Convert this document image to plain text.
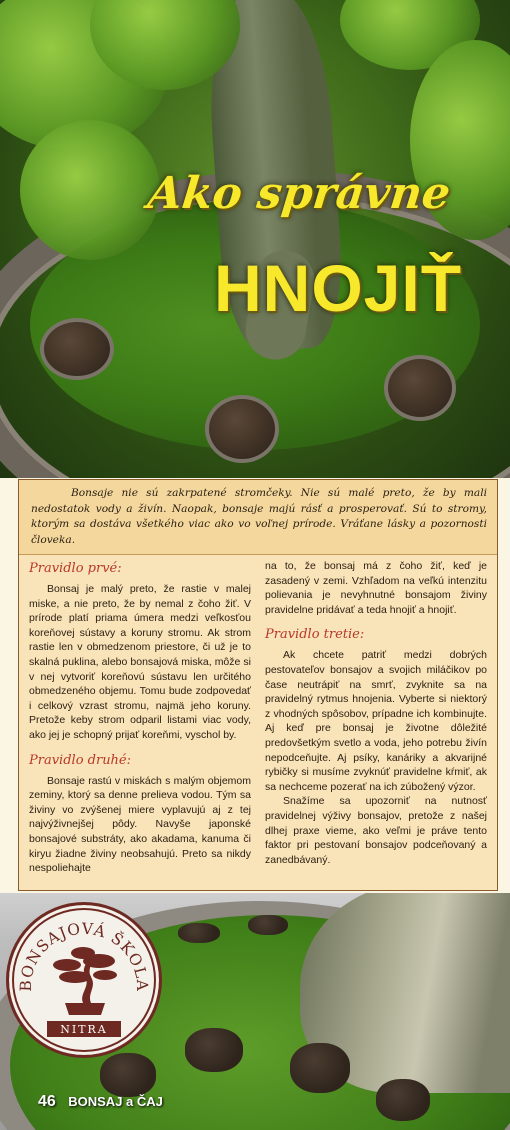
Ako správne
HNOJIŤ

Bonsaje nie sú zakrpatené stromčeky. Nie sú malé preto, že by mali nedostatok vody a živín. Naopak, bonsaje majú rásť a prosperovať. Sú to stromy, ktorým sa dostáva všetkého viac ako vo voľnej prírode. Vráťane lásky a pozornosti človeka.

Pravidlo prvé:

Bonsaj je malý preto, že rastie v malej miske, a nie preto, že by nemal z čoho žiť. V prírode platí priama úmera medzi veľkosťou koreňovej sústavy a koruny stromu. Ak strom rastie len v obmedzenom priestore, či už je to skalná puklina, alebo bonsajová miska, môže si v nej vytvoriť koreňovú sústavu len určitého obmedzeného objemu. Tomu bude zodpovedať i celkový vzrast stromu, najmä jeho koruny. Pretože keby strom odparil listami viac vody, ako jej je schopný prijať koreňmi, vyschol by.

Pravidlo druhé:

Bonsaje rastú v miskách s malým objemom zeminy, ktorý sa denne prelieva vodou. Tým sa živiny vo zvýšenej miere vyplavujú aj z tej najvýživnejšej pôdy. Navyše japonské bonsajové substráty, ako akadama, kanuma či kiryu žiadne živiny neobsahujú. Preto sa nikdy nespoliehajte

na to, že bonsaj má z čoho žiť, keď je zasadený v zemi. Vzhľadom na veľkú intenzitu polievania je nevyhnutné bonsajom živiny pravidelne pridávať a teda hnojiť a hnojiť.

Pravidlo tretie:

Ak chcete patriť medzi dobrých pestovateľov bonsajov a svojich miláčikov po čase neutrápiť na smrť, zvyknite sa na pravidelný rytmus hnojenia. Vyberte si niektorý z vhodných spôsobov, prípadne ich kombinujte. Aj keď pre bonsaj je životne dôležité predovšetkým svetlo a voda, jeho potrebu živín nepodceňujte. Aj psíky, kanáriky a akvarijné rybičky si musíme zvyknúť pravidelne kŕmiť, ak sa nechceme pozerať na ich zúbožený výzor.

Snažíme sa upozorniť na nutnosť pravidelnej výživy bonsajov, pretože z našej dlhej praxe vieme, ako veľmi je práve tento faktor pri pestovaní bonsajov podceňovaný a zanedbávaný.

BONSAJOVÁ ŠKOLA
NITRA
46 BONSAJ a ČAJ
